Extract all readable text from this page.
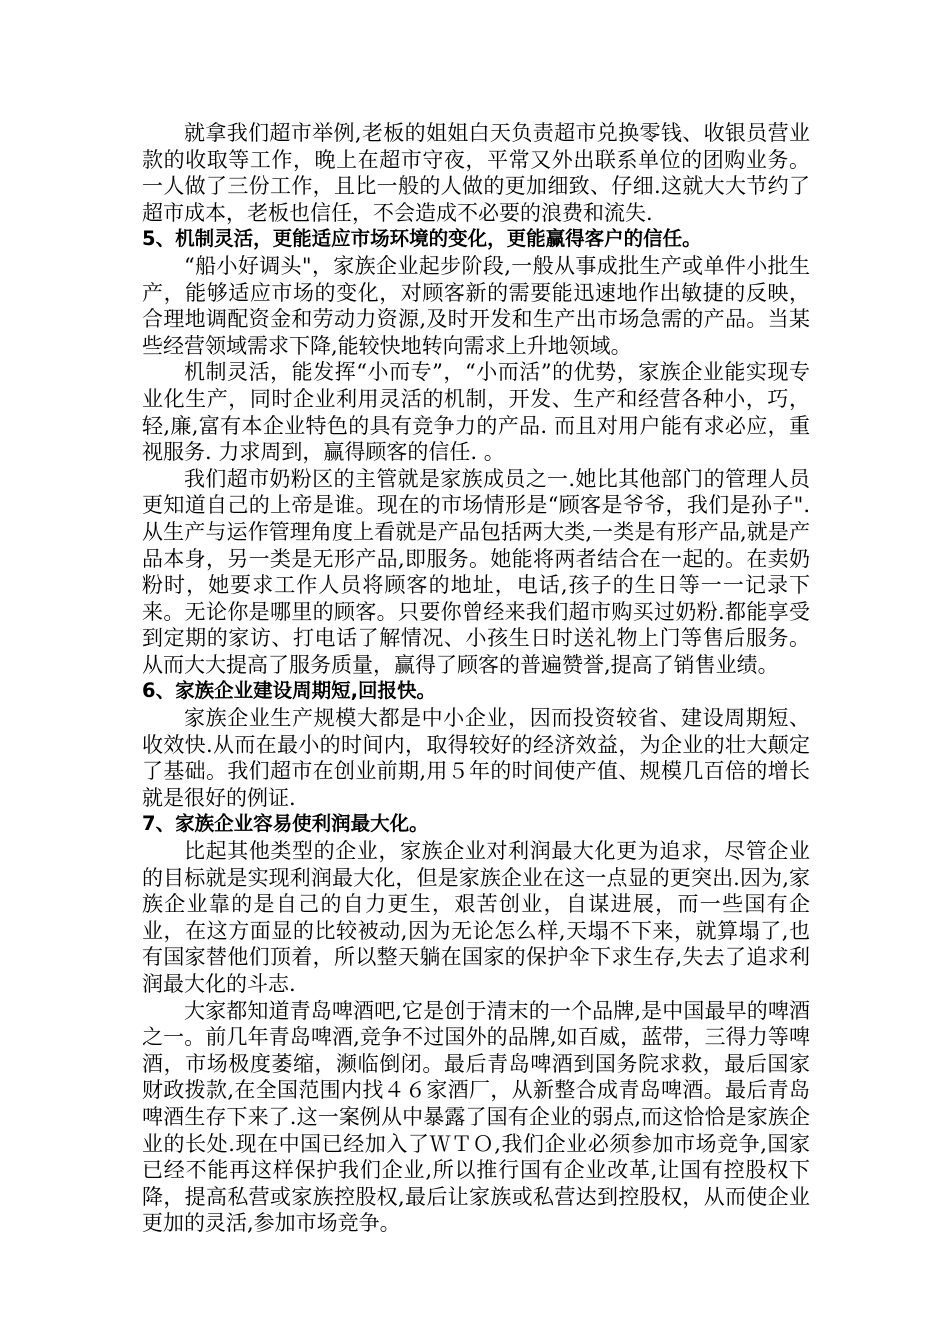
就拿我们超市举例,老板的姐姐白天负责超市兑换零钱、收银员营业款的收取等工作，晚上在超市守夜，平常又外出联系单位的团购业务。一人做了三份工作，且比一般的人做的更加细致、仔细.这就大大节约了超市成本，老板也信任，不会造成不必要的浪费和流失.

5、机制灵活，更能适应市场环境的变化，更能赢得客户的信任。

“船小好调头"，家族企业起步阶段,一般从事成批生产或单件小批生产，能够适应市场的变化，对顾客新的需要能迅速地作出敏捷的反映，合理地调配资金和劳动力资源,及时开发和生产出市场急需的产品。当某些经营领域需求下降,能较快地转向需求上升地领域。

机制灵活，能发挥“小而专”，“小而活”的优势，家族企业能实现专业化生产，同时企业利用灵活的机制，开发、生产和经营各种小，巧，轻,廉,富有本企业特色的具有竞争力的产品. 而且对用户能有求必应，重视服务. 力求周到，赢得顾客的信任. 。

我们超市奶粉区的主管就是家族成员之一.她比其他部门的管理人员更知道自己的上帝是谁。现在的市场情形是“顾客是爷爷，我们是孙子".从生产与运作管理角度上看就是产品包括两大类,一类是有形产品,就是产品本身，另一类是无形产品,即服务。她能将两者结合在一起的。在卖奶粉时，她要求工作人员将顾客的地址，电话,孩子的生日等一一记录下来。无论你是哪里的顾客。只要你曾经来我们超市购买过奶粉.都能享受到定期的家访、打电话了解情况、小孩生日时送礼物上门等售后服务。从而大大提高了服务质量，赢得了顾客的普遍赞誉,提高了销售业绩。

6、家族企业建设周期短,回报快。

家族企业生产规模大都是中小企业，因而投资较省、建设周期短、收效快.从而在最小的时间内，取得较好的经济效益，为企业的壮大颠定了基础。我们超市在创业前期,用５年的时间使产值、规模几百倍的增长就是很好的例证.

7、家族企业容易使利润最大化。

比起其他类型的企业，家族企业对利润最大化更为追求，尽管企业的目标就是实现利润最大化，但是家族企业在这一点显的更突出.因为,家族企业靠的是自己的自力更生，艰苦创业，自谋进展，而一些国有企业，在这方面显的比较被动,因为无论怎么样,天塌不下来，就算塌了,也有国家替他们顶着，所以整天躺在国家的保护伞下求生存,失去了追求利润最大化的斗志.

大家都知道青岛啤酒吧,它是创于清末的一个品牌,是中国最早的啤酒之一。前几年青岛啤酒,竞争不过国外的品牌,如百威，蓝带，三得力等啤酒，市场极度萎缩，濒临倒闭。最后青岛啤酒到国务院求救，最后国家财政拨款,在全国范围内找４６家酒厂，从新整合成青岛啤酒。最后青岛啤酒生存下来了.这一案例从中暴露了国有企业的弱点,而这恰恰是家族企业的长处.现在中国已经加入了ＷＴＯ,我们企业必须参加市场竞争,国家已经不能再这样保护我们企业,所以推行国有企业改革,让国有控股权下降，提高私营或家族控股权,最后让家族或私营达到控股权，从而使企业更加的灵活,参加市场竞争。
